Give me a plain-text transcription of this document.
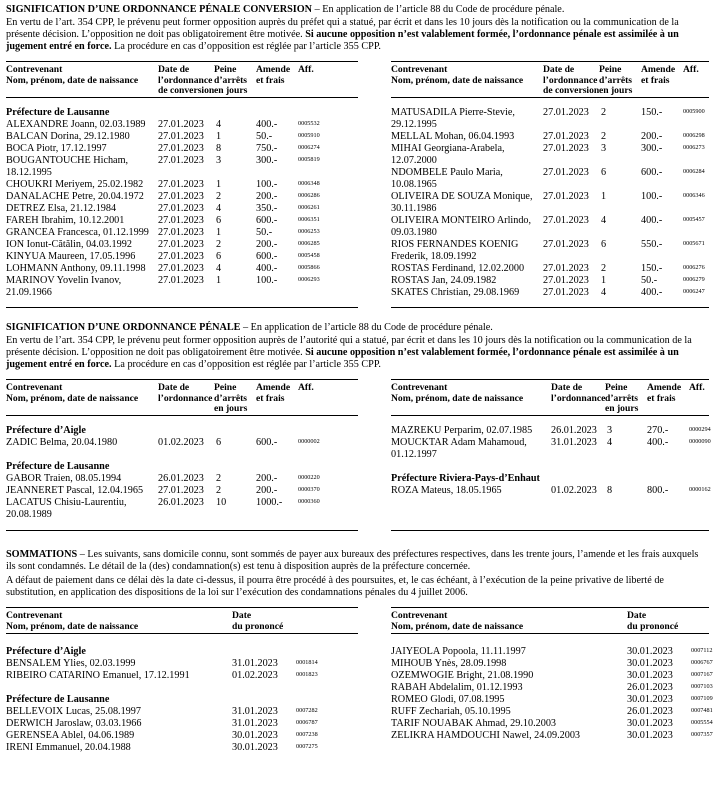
SIGNIFICATION D’UNE ORDONNANCE PÉNALE CONVERSION – En application de l’article 88 du Code de procédure pénale.
En vertu de l’art. 354 CPP, le prévenu peut former opposition auprès du préfet qui a statué, par écrit et dans les 10 jours dès la notification ou la communication de la présente décision. L’opposition ne doit pas obligatoirement être motivée. Si aucune opposition n’est valablement formée, l’ordonnance pénale est assimilée à un jugement entré en force. La procédure en cas d’opposition est réglée par l’article 355 CPP.
Contrevenant
Nom, prénom, date de naissance
Date de
l’ordonnance
de conversion
Peine
d’arrêts
en jours
Amende
et frais
Aff.
Préfecture de Lausanne
ALEXANDRE Joann, 02.03.1989	27.01.2023 4	400.-	0005532
BALCAN Dorina, 29.12.1980	27.01.2023 1	50.-	0005910
BOCA Piotr, 17.12.1997	27.01.2023 8	750.-	0006274
BOUGANTOUCHE Hicham, 18.12.1995
27.01.2023 3	300.-	0005819
CHOUKRI Meriyem, 25.02.1982	27.01.2023 1	100.-	0006348
DANALACHE Petre, 20.04.1972	27.01.2023 2	200.-	0006286
DETREZ Elsa, 21.12.1984	27.01.2023 4	350.-	0006261
FAREH Ibrahim, 10.12.2001	27.01.2023 6	600.-	0006351
GRANCEA Francesca, 01.12.1999 27.01.2023 1	50.-	0006253
ION Ionut-Cătălin, 04.03.1992	27.01.2023 2	200.-	0006285
KINYUA Maureen, 17.05.1996	27.01.2023 6	600.-	0005458
LOHMANN Anthony, 09.11.1998	27.01.2023 4	400.-	0005866
MARINOV Yovelin Ivanov, 21.09.1966
27.01.2023 1	100.-	0006293
Contrevenant
Nom, prénom, date de naissance
Date de
l’ordonnance
de conversion
Peine
d’arrêts
en jours
Amende
et frais
Aff.
MATUSADILA Pierre-Stevie, 29.12.1995
27.01.2023 2	150.-	0005900
MELLAL Mohan, 06.04.1993	27.01.2023 2	200.-	0006298
MIHAI Georgiana-Arabela, 12.07.2000
27.01.2023 3	300.-	0006273
NDOMBELE Paulo Maria, 10.08.1965
27.01.2023 6	600.-	0006284
OLIVEIRA DE SOUZA Monique, 30.11.1986
27.01.2023 1	100.-	0006346
OLIVEIRA MONTEIRO Arlindo, 09.03.1980
27.01.2023 4	400.-	0005457
RIOS FERNANDES KOENIG Frederik, 18.09.1992
27.01.2023 6	550.-	0005671
ROSTAS Ferdinand, 12.02.2000	27.01.2023 2	150.-	0006276
ROSTAS Jan, 24.09.1982	27.01.2023 1	50.-	0006279
SKATES Christian, 29.08.1969	27.01.2023 4	400.-	0006247
SIGNIFICATION D’UNE ORDONNANCE PÉNALE – En application de l’article 88 du Code de procédure pénale.
En vertu de l’art. 354 CPP, le prévenu peut former opposition auprès de l’autorité qui a statué, par écrit et dans les 10 jours dès la notification ou la communication de la présente décision. L’opposition ne doit pas obligatoirement être motivée. Si aucune opposition n’est valablement formée, l’ordonnance pénale est assimilée à un jugement entré en force. La procédure en cas d’opposition est réglée par l’article 355 CPP.
Contrevenant
Nom, prénom, date de naissance
Date de
l’ordonnance
Peine
d’arrêts
en jours
Amende
et frais
Aff.
Préfecture d’Aigle
ZADIC Belma, 20.04.1980	01.02.2023 6	600.-	0000002
Préfecture de Lausanne
GABOR Traien, 08.05.1994	26.01.2023 2	200.-	0000220
JEANNERET Pascal, 12.04.1965	27.01.2023 2	200.-	0000370
LACATUS Chisiu-Laurentiu, 20.08.1989
26.01.2023 10	1000.-	0000360
Contrevenant
Nom, prénom, date de naissance
Date de
l’ordonnance
Peine
d’arrêts
en jours
Amende
et frais
Aff.
MAZREKU Perparim, 02.07.1985	26.01.2023 3	270.-	0000294
MOUCKTAR Adam Mahamoud, 01.12.1997
31.01.2023 4	400.-	0000090
Préfecture Riviera-Pays-d’Enhaut
ROZA Mateus, 18.05.1965	01.02.2023 8	800.-	0000162
SOMMATIONS – Les suivants, sans domicile connu, sont sommés de payer aux bureaux des préfectures respectives, dans les trente jours, l’amende et les frais auxquels ils sont condamnés. Le détail de la (des) condamnation(s) est tenu à disposition auprès de la préfecture concernée.
A défaut de paiement dans ce délai dès la date ci-dessus, il pourra être procédé à des poursuites, et, le cas échéant, à l’exécution de la peine privative de liberté de substitution, en application des dispositions de la loi sur l’exécution des condamnations pénales du 4 juillet 2006.
Contrevenant
Nom, prénom, date de naissance
Date
du prononcé
Préfecture d’Aigle
BENSALEM Ylies, 02.03.1999	31.01.2023	0001814
RIBEIRO CATARINO Emanuel, 17.12.1991	01.02.2023	0001823
Préfecture de Lausanne
BELLEVOIX Lucas, 25.08.1997	31.01.2023	0007282
DERWICH Jaroslaw, 03.03.1966	31.01.2023	0006787
GERENSEA Ablel, 04.06.1989	30.01.2023	0007238
IRENI Emmanuel, 20.04.1988	30.01.2023	0007275
Contrevenant
Nom, prénom, date de naissance
Date
du prononcé
JAIYEOLA Popoola, 11.11.1997	30.01.2023	0007112
MIHOUB Ynès, 28.09.1998	30.01.2023	0006767
OZEMWOGIE Bright, 21.08.1990	30.01.2023	0007167
RABAH Abdelalim, 01.12.1993	26.01.2023	0007103
ROMEO Glodi, 07.08.1995	30.01.2023	0007109
RUFF Zechariah, 05.10.1995	26.01.2023	0007481
TARIF NOUABAK Ahmad, 29.10.2003	30.01.2023	0005554
ZELIKRA HAMDOUCHI Nawel, 24.09.2003	30.01.2023	0007357
